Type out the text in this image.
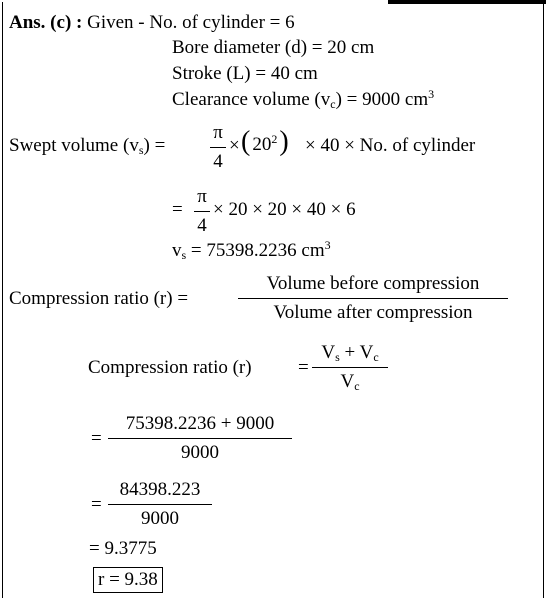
Ans. (c) : Given - No. of cylinder = 6
Bore diameter (d) = 20 cm
Stroke (L) = 40 cm
Clearance volume $(v_c) = 9000$ $cm^3$
Swept volume $(v_s)$ =
π
4
× ( $20^2) \times 40 \times No$. of cylinder
=
π
4
× 20 × 20 × 40 × 6
$v_s = 75398.2236$ $cm^3$
Compression ratio (r) =
Volume before compression
Volume after compression
Compression ratio (r) =
$V_s + V_c$
$V_c$
=
75398.2236 + 9000
9000
=
84398.223
9000
= 9.3775
r = 9.38
